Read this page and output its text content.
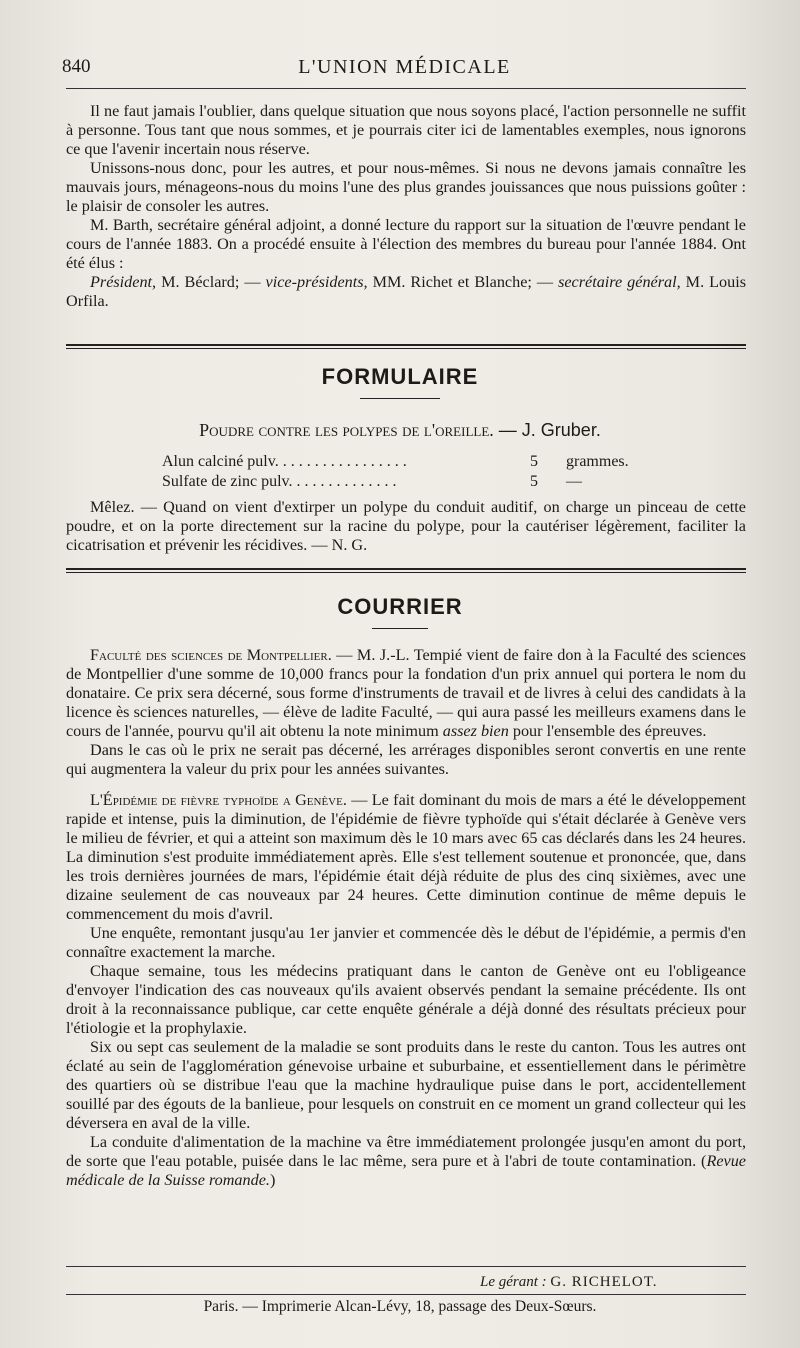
840	L'UNION MÉDICALE

Il ne faut jamais l'oublier, dans quelque situation que nous soyons placé, l'action personnelle ne suffit à personne. Tous tant que nous sommes, et je pourrais citer ici de lamentables exemples, nous ignorons ce que l'avenir incertain nous réserve.

Unissons-nous donc, pour les autres, et pour nous-mêmes. Si nous ne devons jamais connaître les mauvais jours, ménageons-nous du moins l'une des plus grandes jouissances que nous puissions goûter : le plaisir de consoler les autres.

M. Barth, secrétaire général adjoint, a donné lecture du rapport sur la situation de l'œuvre pendant le cours de l'année 1883. On a procédé ensuite à l'élection des membres du bureau pour l'année 1884. Ont été élus :

Président, M. Béclard; — vice-présidents, MM. Richet et Blanche; — secrétaire général, M. Louis Orfila.

FORMULAIRE
Poudre contre les polypes de l'oreille. — J. Gruber.
Alun calciné pulv. . . . . . . . . . . . . . . . .	5 grammes.
Sulfate de zinc pulv. . . . . . . . . . . . . .	5 —

Mêlez. — Quand on vient d'extirper un polype du conduit auditif, on charge un pinceau de cette poudre, et on la porte directement sur la racine du polype, pour la cautériser légèrement, faciliter la cicatrisation et prévenir les récidives. — N. G.

COURRIER

Faculté des sciences de Montpellier. — M. J.-L. Tempié vient de faire don à la Faculté des sciences de Montpellier d'une somme de 10,000 francs pour la fondation d'un prix annuel qui portera le nom du donataire. Ce prix sera décerné, sous forme d'instruments de travail et de livres à celui des candidats à la licence ès sciences naturelles, — élève de ladite Faculté, — qui aura passé les meilleurs examens dans le cours de l'année, pourvu qu'il ait obtenu la note minimum assez bien pour l'ensemble des épreuves.

Dans le cas où le prix ne serait pas décerné, les arrérages disponibles seront convertis en une rente qui augmentera la valeur du prix pour les années suivantes.

L'Épidémie de fièvre typhoïde a Genève. — Le fait dominant du mois de mars a été le développement rapide et intense, puis la diminution, de l'épidémie de fièvre typhoïde qui s'était déclarée à Genève vers le milieu de février, et qui a atteint son maximum dès le 10 mars avec 65 cas déclarés dans les 24 heures. La diminution s'est produite immédiatement après. Elle s'est tellement soutenue et prononcée, que, dans les trois dernières journées de mars, l'épidémie était déjà réduite de plus des cinq sixièmes, avec une dizaine seulement de cas nouveaux par 24 heures. Cette diminution continue de même depuis le commencement du mois d'avril.

Une enquête, remontant jusqu'au 1er janvier et commencée dès le début de l'épidémie, a permis d'en connaître exactement la marche.

Chaque semaine, tous les médecins pratiquant dans le canton de Genève ont eu l'obligeance d'envoyer l'indication des cas nouveaux qu'ils avaient observés pendant la semaine précédente. Ils ont droit à la reconnaissance publique, car cette enquête générale a déjà donné des résultats précieux pour l'étiologie et la prophylaxie.

Six ou sept cas seulement de la maladie se sont produits dans le reste du canton. Tous les autres ont éclaté au sein de l'agglomération génevoise urbaine et suburbaine, et essentiellement dans le périmètre des quartiers où se distribue l'eau que la machine hydraulique puise dans le port, accidentellement souillé par des égouts de la banlieue, pour lesquels on construit en ce moment un grand collecteur qui les déversera en aval de la ville.

La conduite d'alimentation de la machine va être immédiatement prolongée jusqu'en amont du port, de sorte que l'eau potable, puisée dans le lac même, sera pure et à l'abri de toute contamination. (Revue médicale de la Suisse romande.)

Le gérant : G. RICHELOT.
Paris. — Imprimerie Alcan-Lévy, 18, passage des Deux-Sœurs.
